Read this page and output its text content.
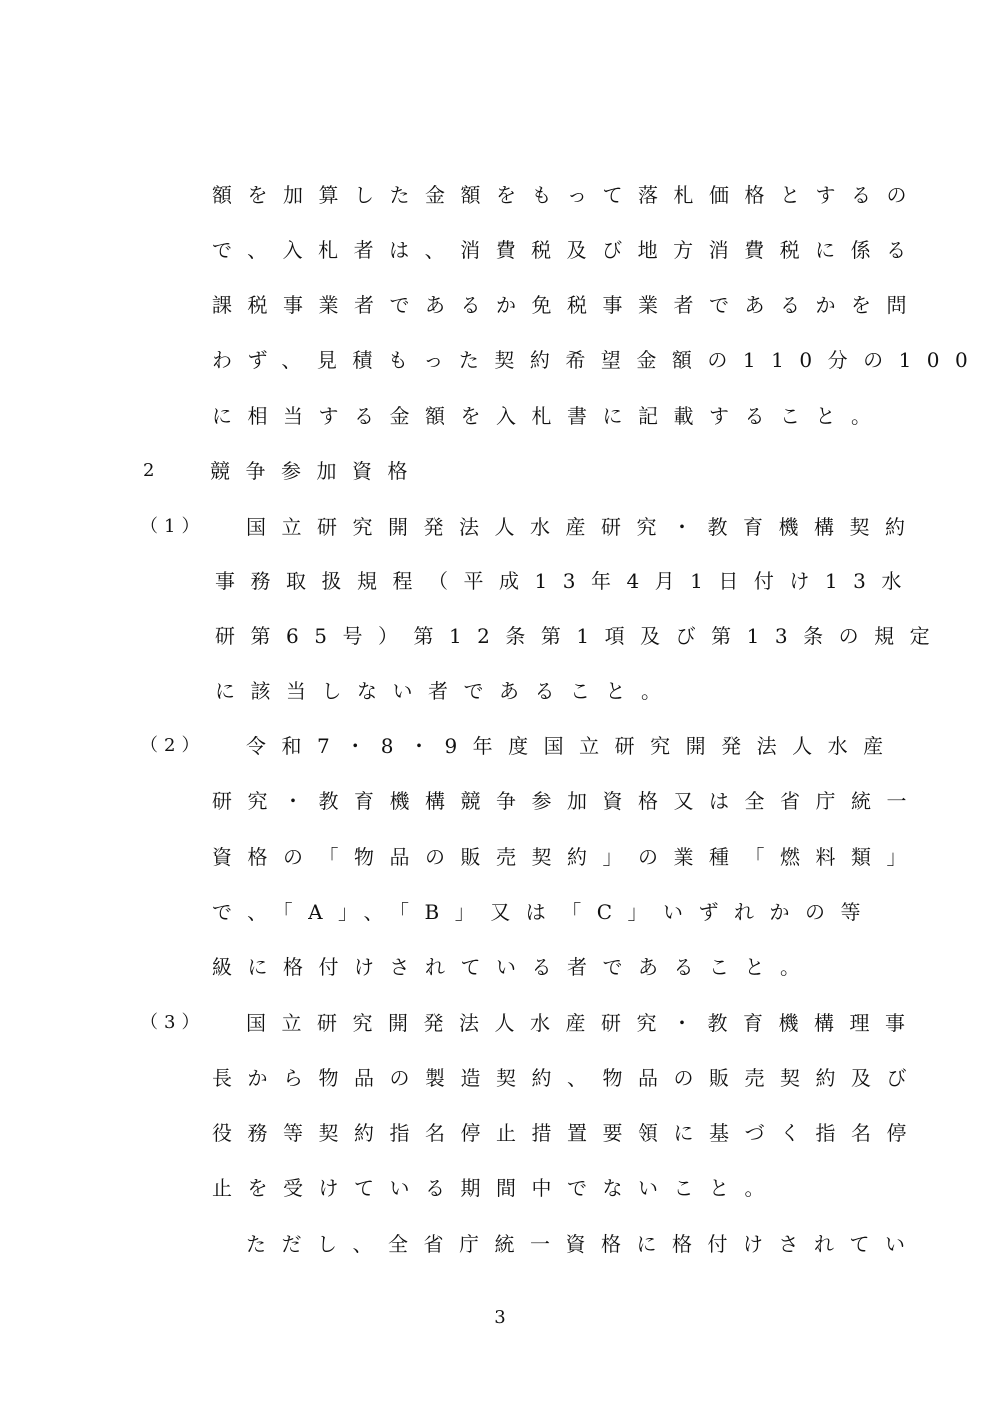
額を加算した金額をもって落札価格とするの
で、入札者は、消費税及び地方消費税に係る
課税事業者であるか免税事業者であるかを問
わず、見積もった契約希望金額の110分の100
に相当する金額を入札書に記載すること。
2 競争参加資格
（1） 国立研究開発法人水産研究・教育機構契約
事務取扱規程（平成13年4月1日付け13水
研第65号）第12条第1項及び第13条の規定
に該当しない者であること。
（2） 令和7・8・9年度国立研究開発法人水産
研究・教育機構競争参加資格又は全省庁統一
資格の「物品の販売契約」の業種「燃料類」
で、「A」、「B」又は「C」いずれかの等
級に格付けされている者であること。
（3） 国立研究開発法人水産研究・教育機構理事
長から物品の製造契約、物品の販売契約及び
役務等契約指名停止措置要領に基づく指名停
止を受けている期間中でないこと。
ただし、全省庁統一資格に格付けされてい
3
